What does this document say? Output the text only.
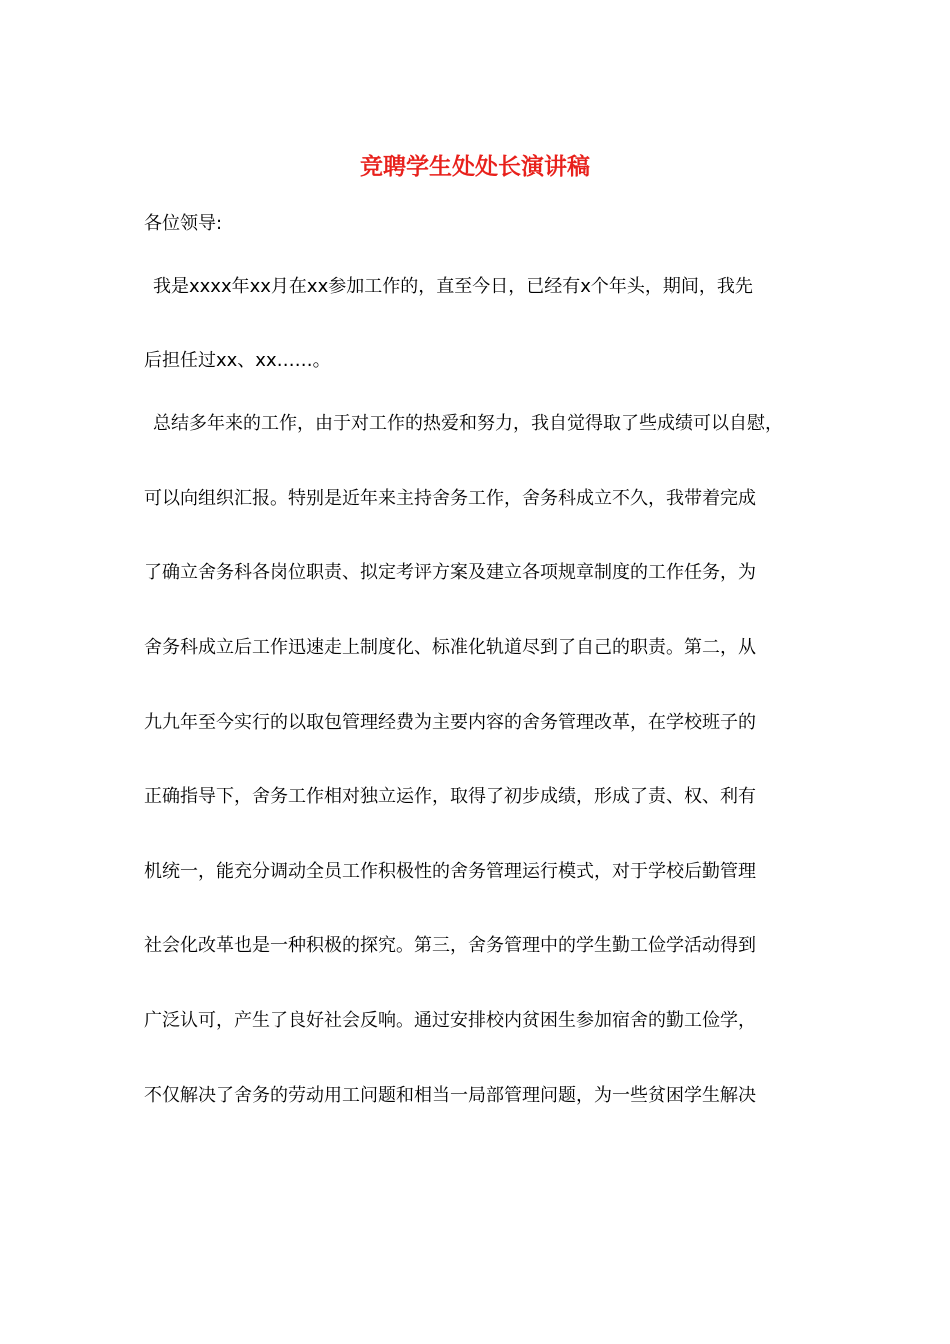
竞聘学生处处长演讲稿

各位领导:

我是xxxx年xx月在xx参加工作的，直至今日，已经有x个年头，期间，我先

后担任过xx、xx……。

总结多年来的工作，由于对工作的热爱和努力，我自觉得取了些成绩可以自慰，

可以向组织汇报。特别是近年来主持舍务工作，舍务科成立不久，我带着完成

了确立舍务科各岗位职责、拟定考评方案及建立各项规章制度的工作任务，为

舍务科成立后工作迅速走上制度化、标准化轨道尽到了自己的职责。第二，从

九九年至今实行的以取包管理经费为主要内容的舍务管理改革，在学校班子的

正确指导下，舍务工作相对独立运作，取得了初步成绩，形成了责、权、利有

机统一，能充分调动全员工作积极性的舍务管理运行模式，对于学校后勤管理

社会化改革也是一种积极的探究。第三，舍务管理中的学生勤工俭学活动得到

广泛认可，产生了良好社会反响。通过安排校内贫困生参加宿舍的勤工俭学，

不仅解决了舍务的劳动用工问题和相当一局部管理问题，为一些贫困学生解决
